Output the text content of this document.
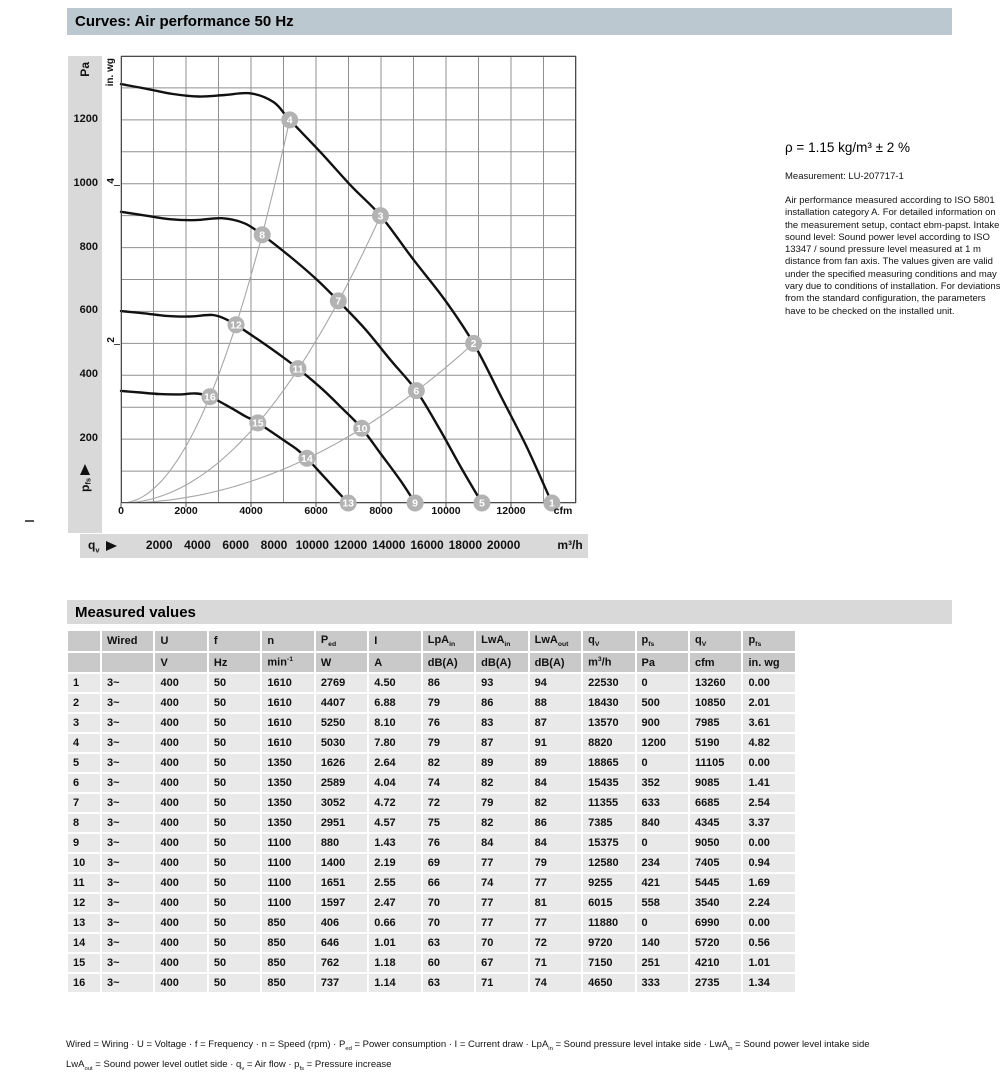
Curves: Air performance 50 Hz
Pa
1200
1000
800
600
400
200
$p_{fs}$
in. wg
4
2
1
2
3
4
5
6
7
8
9
10
11
12
13
14
15
16
0	2000	4000	6000	8000	10000	12000	cfm
$q_v$	2000 4000 6000 8000 10000 12000 14000 16000 18000 20000	m³/h
ρ = 1.15 kg/m³ ± 2 %
Measurement: LU-207717-1
Air performance measured according to ISO 5801 installation category A. For detailed information on the measurement setup, contact ebm-papst. Intake sound level: Sound power level according to ISO 13347 / sound pressure level measured at 1 m distance from fan axis. The values given are valid under the specified measuring conditions and may vary due to conditions of installation. For deviations from the standard configuration, the parameters have to be checked on the installed unit.
Measured values
	Wired	U	f	n	$P_{ed}$	I	LpA$_{in}$	LwA$_{in}$	LwA$_{out}$	$q_V$	$p_{fs}$	$q_V$	$p_{fs}$
		V	Hz	$\min^{-1}$	W	A	dB(A)	dB(A)	dB(A)	$m^3/h$	Pa	cfm	in. wg
1	3~	400	50	1610	2769	4.50	86	93	94	22530	0	13260	0.00
2	3~	400	50	1610	4407	6.88	79	86	88	18430	500	10850	2.01
3	3~	400	50	1610	5250	8.10	76	83	87	13570	900	7985	3.61
4	3~	400	50	1610	5030	7.80	79	87	91	8820	1200	5190	4.82
5	3~	400	50	1350	1626	2.64	82	89	89	18865	0	11105	0.00
6	3~	400	50	1350	2589	4.04	74	82	84	15435	352	9085	1.41
7	3~	400	50	1350	3052	4.72	72	79	82	11355	633	6685	2.54
8	3~	400	50	1350	2951	4.57	75	82	86	7385	840	4345	3.37
9	3~	400	50	1100	880	1.43	76	84	84	15375	0	9050	0.00
10	3~	400	50	1100	1400	2.19	69	77	79	12580	234	7405	0.94
11	3~	400	50	1100	1651	2.55	66	74	77	9255	421	5445	1.69
12	3~	400	50	1100	1597	2.47	70	77	81	6015	558	3540	2.24
13	3~	400	50	850	406	0.66	70	77	77	11880	0	6990	0.00
14	3~	400	50	850	646	1.01	63	70	72	9720	140	5720	0.56
15	3~	400	50	850	762	1.18	60	67	71	7150	251	4210	1.01
16	3~	400	50	850	737	1.14	63	71	74	4650	333	2735	1.34
Wired = Wiring · U = Voltage · f = Frequency · n = Speed $(rpm) \cdot P_{ed}$ = Power consumption · I = Current draw · LpA$_{in}$ = Sound pressure level intake side · LwA$_{in}$ = Sound power level intake side
LwA$_{out}$ = Sound power level outlet side · $q_v$ = Air flow · $p_{fs}$ = Pressure increase
